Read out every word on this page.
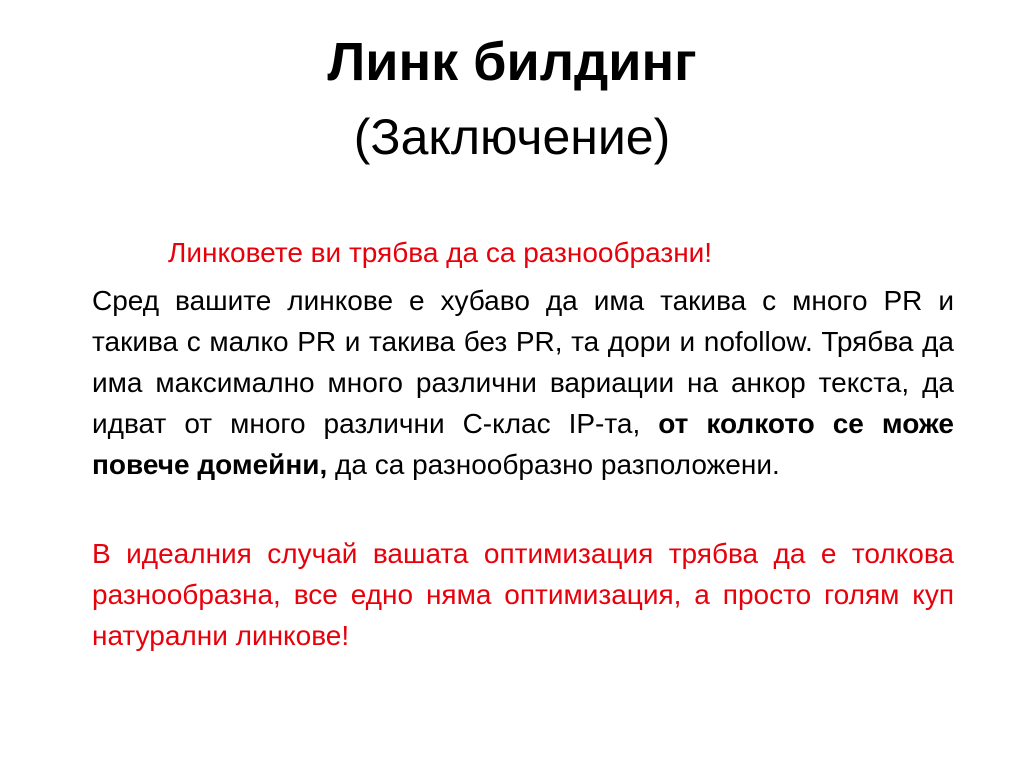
Линк билдинг
(Заключение)

Линковете ви трябва да са разнообразни!

Сред вашите линкове е хубаво да има такива с много PR и такива с малко PR и такива без PR, та дори и nofollow. Трябва да има максимално много различни вариации на анкор текста, да идват от много различни С-клас IP-та, от колкото се може повече домейни, да са разнообразно разположени.

В идеалния случай вашата оптимизация трябва да е толкова разнообразна, все едно няма оптимизация, а просто голям куп натурални линкове!
